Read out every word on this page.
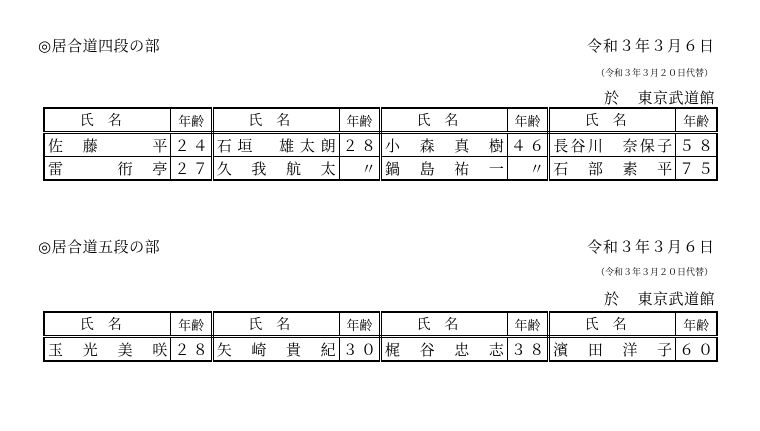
◎居合道四段の部	令和３年３月６日
（令和３年３月２０日代替）
於 東京武道館
氏名	年齢	氏名	年齢	氏名	年齢	氏名	年齢
佐藤　平	２４	石垣　雄太朗	２８	小森真樹	４６	長谷川　奈保子	５８
雷　衎亭	２７	久我航太	〃	鍋島祐一	〃	石部素平	７５
◎居合道五段の部	令和３年３月６日
（令和３年３月２０日代替）
於 東京武道館
氏名	年齢	氏名	年齢	氏名	年齢	氏名	年齢
玉光美咲	２８	矢崎貴紀	３０	梶谷忠志	３８	濱田洋子	６０
